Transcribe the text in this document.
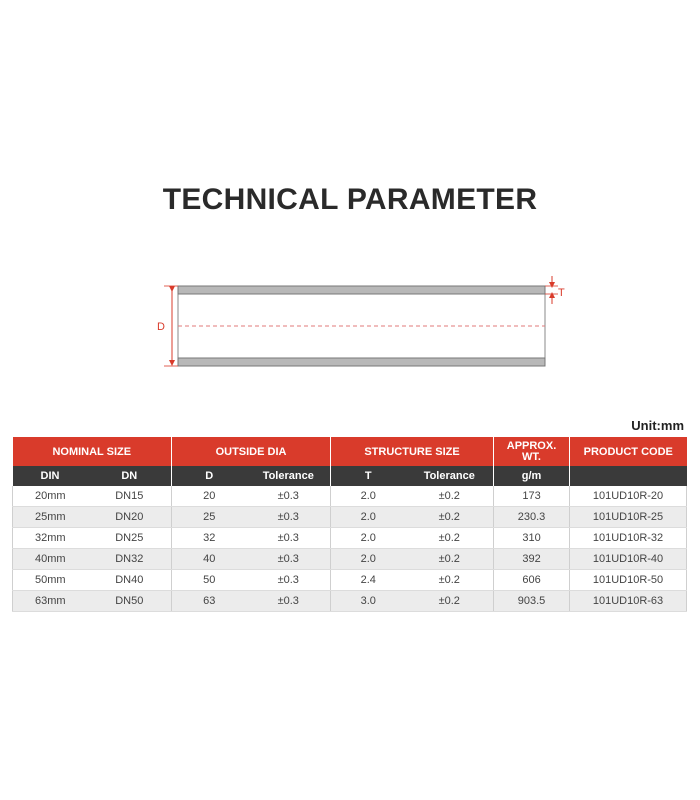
TECHNICAL PARAMETER
D
T
Unit:mm
NOMINAL SIZE		OUTSIDE DIA		STRUCTURE SIZE		APPROX. WT.	PRODUCT CODE
DIN	DN	D	Tolerance	T	Tolerance	g/m	
20mm	DN15	20	±0.3	2.0	±0.2	173	101UD10R-20
25mm	DN20	25	±0.3	2.0	±0.2	230.3	101UD10R-25
32mm	DN25	32	±0.3	2.0	±0.2	310	101UD10R-32
40mm	DN32	40	±0.3	2.0	±0.2	392	101UD10R-40
50mm	DN40	50	±0.3	2.4	±0.2	606	101UD10R-50
63mm	DN50	63	±0.3	3.0	±0.2	903.5	101UD10R-63
